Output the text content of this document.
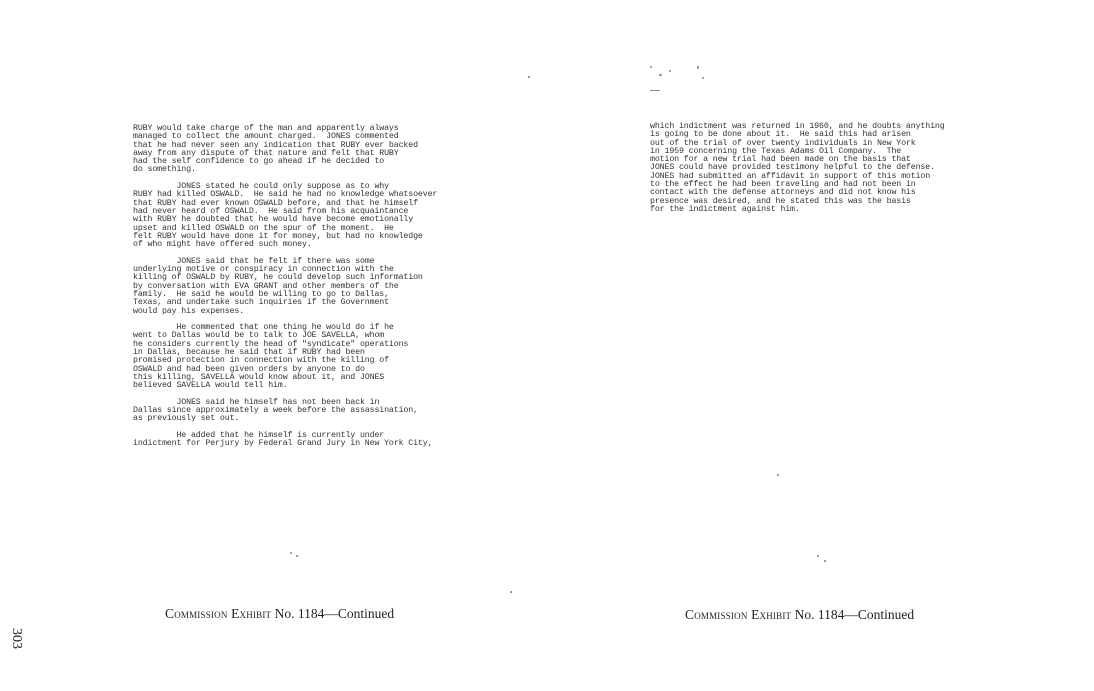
RUBY would take charge of the man and apparently always
managed to collect the amount charged.  JONES commented
that he had never seen any indication that RUBY ever backed
away from any dispute of that nature and felt that RUBY
had the self confidence to go ahead if he decided to
do something.
JONES stated he could only suppose as to why
RUBY had killed OSWALD.  He said he had no knowledge whatsoever
that RUBY had ever known OSWALD before, and that he himself
had never heard of OSWALD.  He said from his acquaintance
with RUBY he doubted that he would have become emotionally
upset and killed OSWALD on the spur of the moment.  He
felt RUBY would have done it for money, but had no knowledge
of who might have offered such money.
JONES said that he felt if there was some
underlying motive or conspiracy in connection with the
killing of OSWALD by RUBY, he could develop such information
by conversation with EVA GRANT and other members of the
family.  He said he would be willing to go to Dallas,
Texas, and undertake such inquiries if the Government
would pay his expenses.
He commented that one thing he would do if he
went to Dallas would be to talk to JOE SAVELLA, whom
he considers currently the head of "syndicate" operations
in Dallas, because he said that if RUBY had been
promised protection in connection with the killing of
OSWALD and had been given orders by anyone to do
this killing, SAVELLA would know about it, and JONES
believed SAVELLA would tell him.
JONES said he himself has not been back in
Dallas since approximately a week before the assassination,
as previously set out.
He added that he himself is currently under
indictment for Perjury by Federal Grand Jury in New York City,
Commission Exhibit No. 1184—Continued
303
which indictment was returned in 1960, and he doubts anything
is going to be done about it.  He said this had arisen
out of the trial of over twenty individuals in New York
in 1959 concerning the Texas Adams Oil Company.  The
motion for a new trial had been made on the basis that
JONES could have provided testimony helpful to the defense.
JONES had submitted an affidavit in support of this motion
to the effect he had been traveling and had not been in
contact with the defense attorneys and did not know his
presence was desired, and he stated this was the basis
for the indictment against him.
Commission Exhibit No. 1184—Continued
